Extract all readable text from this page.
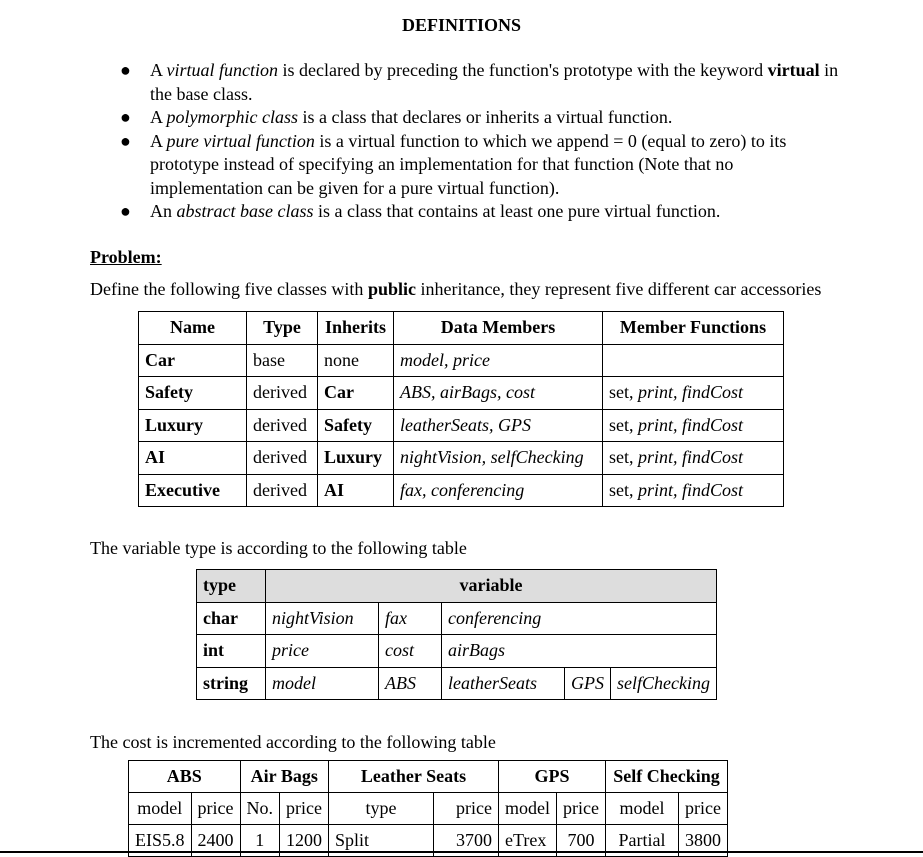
DEFINITIONS
● A virtual function is declared by preceding the function's prototype with the keyword virtual in the base class.
● A polymorphic class is a class that declares or inherits a virtual function.
● A pure virtual function is a virtual function to which we append = 0 (equal to zero) to its prototype instead of specifying an implementation for that function (Note that no implementation can be given for a pure virtual function).
● An abstract base class is a class that contains at least one pure virtual function.
Problem:
Define the following five classes with public inheritance, they represent five different car accessories
Name	Type	Inherits	Data Members	Member Functions
Car	base	none	model, price	
Safety	derived	Car	ABS, airBags, cost	set, print, findCost
Luxury	derived	Safety	leatherSeats, GPS	set, print, findCost
AI	derived	Luxury	nightVision, selfChecking	set, print, findCost
Executive	derived	AI	fax, conferencing	set, print, findCost
The variable type is according to the following table
type	variable				
char	nightVision	fax	conferencing		
int	price	cost	airBags		
string	model	ABS	leatherSeats	GPS	selfChecking
The cost is incremented according to the following table
ABS		Air Bags		Leather Seats		GPS		Self Checking	
model	price	No.	price	type	price	model	price	model	price
EIS5.8	2400	1	1200	Split	3700	eTrex	700	Partial	3800
